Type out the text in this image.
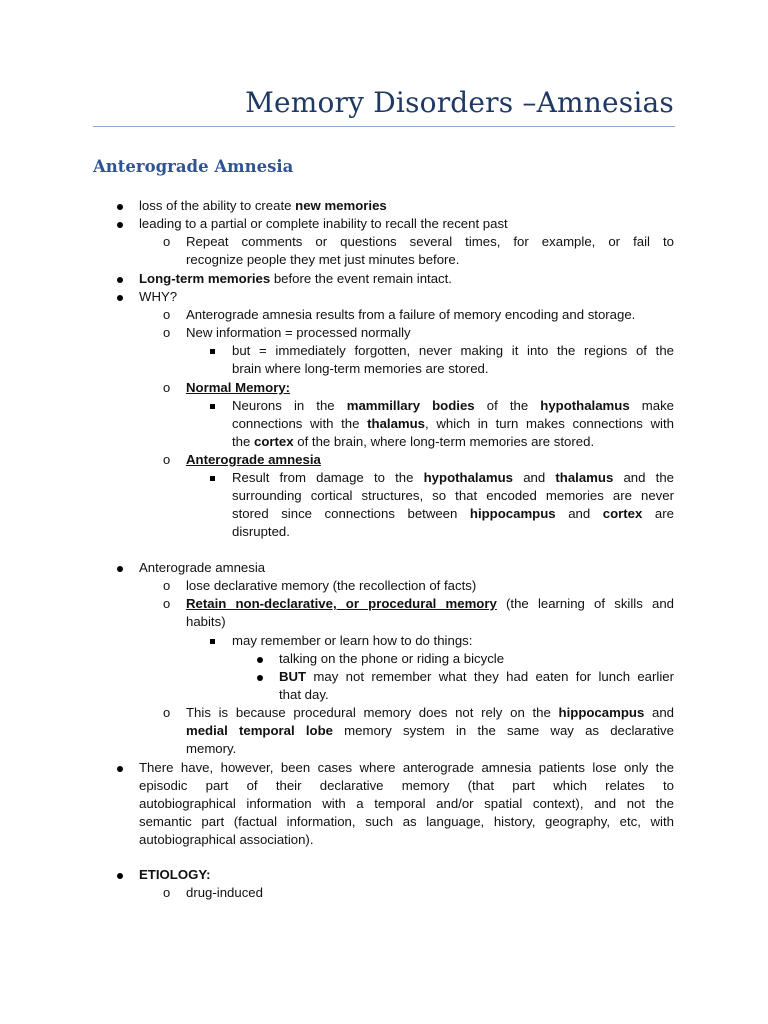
Memory Disorders –Amnesias
Anterograde Amnesia
loss of the ability to create new memories
leading to a partial or complete inability to recall the recent past
o Repeat comments or questions several times, for example, or fail to
recognize people they met just minutes before.
Long-term memories before the event remain intact.
WHY?
o Anterograde amnesia results from a failure of memory encoding and storage.
o New information = processed normally
but = immediately forgotten, never making it into the regions of the
brain where long-term memories are stored.
o Normal Memory:
Neurons in the mammillary bodies of the hypothalamus make
connections with the thalamus, which in turn makes connections with
the cortex of the brain, where long-term memories are stored.
o Anterograde amnesia
Result from damage to the hypothalamus and thalamus and the
surrounding cortical structures, so that encoded memories are never
stored since connections between hippocampus and cortex are
disrupted.
Anterograde amnesia
o lose declarative memory (the recollection of facts)
o Retain non-declarative, or procedural memory (the learning of skills and
habits)
may remember or learn how to do things:
talking on the phone or riding a bicycle
BUT may not remember what they had eaten for lunch earlier
that day.
o This is because procedural memory does not rely on the hippocampus and
medial temporal lobe memory system in the same way as declarative
memory.
There have, however, been cases where anterograde amnesia patients lose only the
episodic part of their declarative memory (that part which relates to
autobiographical information with a temporal and/or spatial context), and not the
semantic part (factual information, such as language, history, geography, etc, with
autobiographical association).
ETIOLOGY:
o drug-induced
